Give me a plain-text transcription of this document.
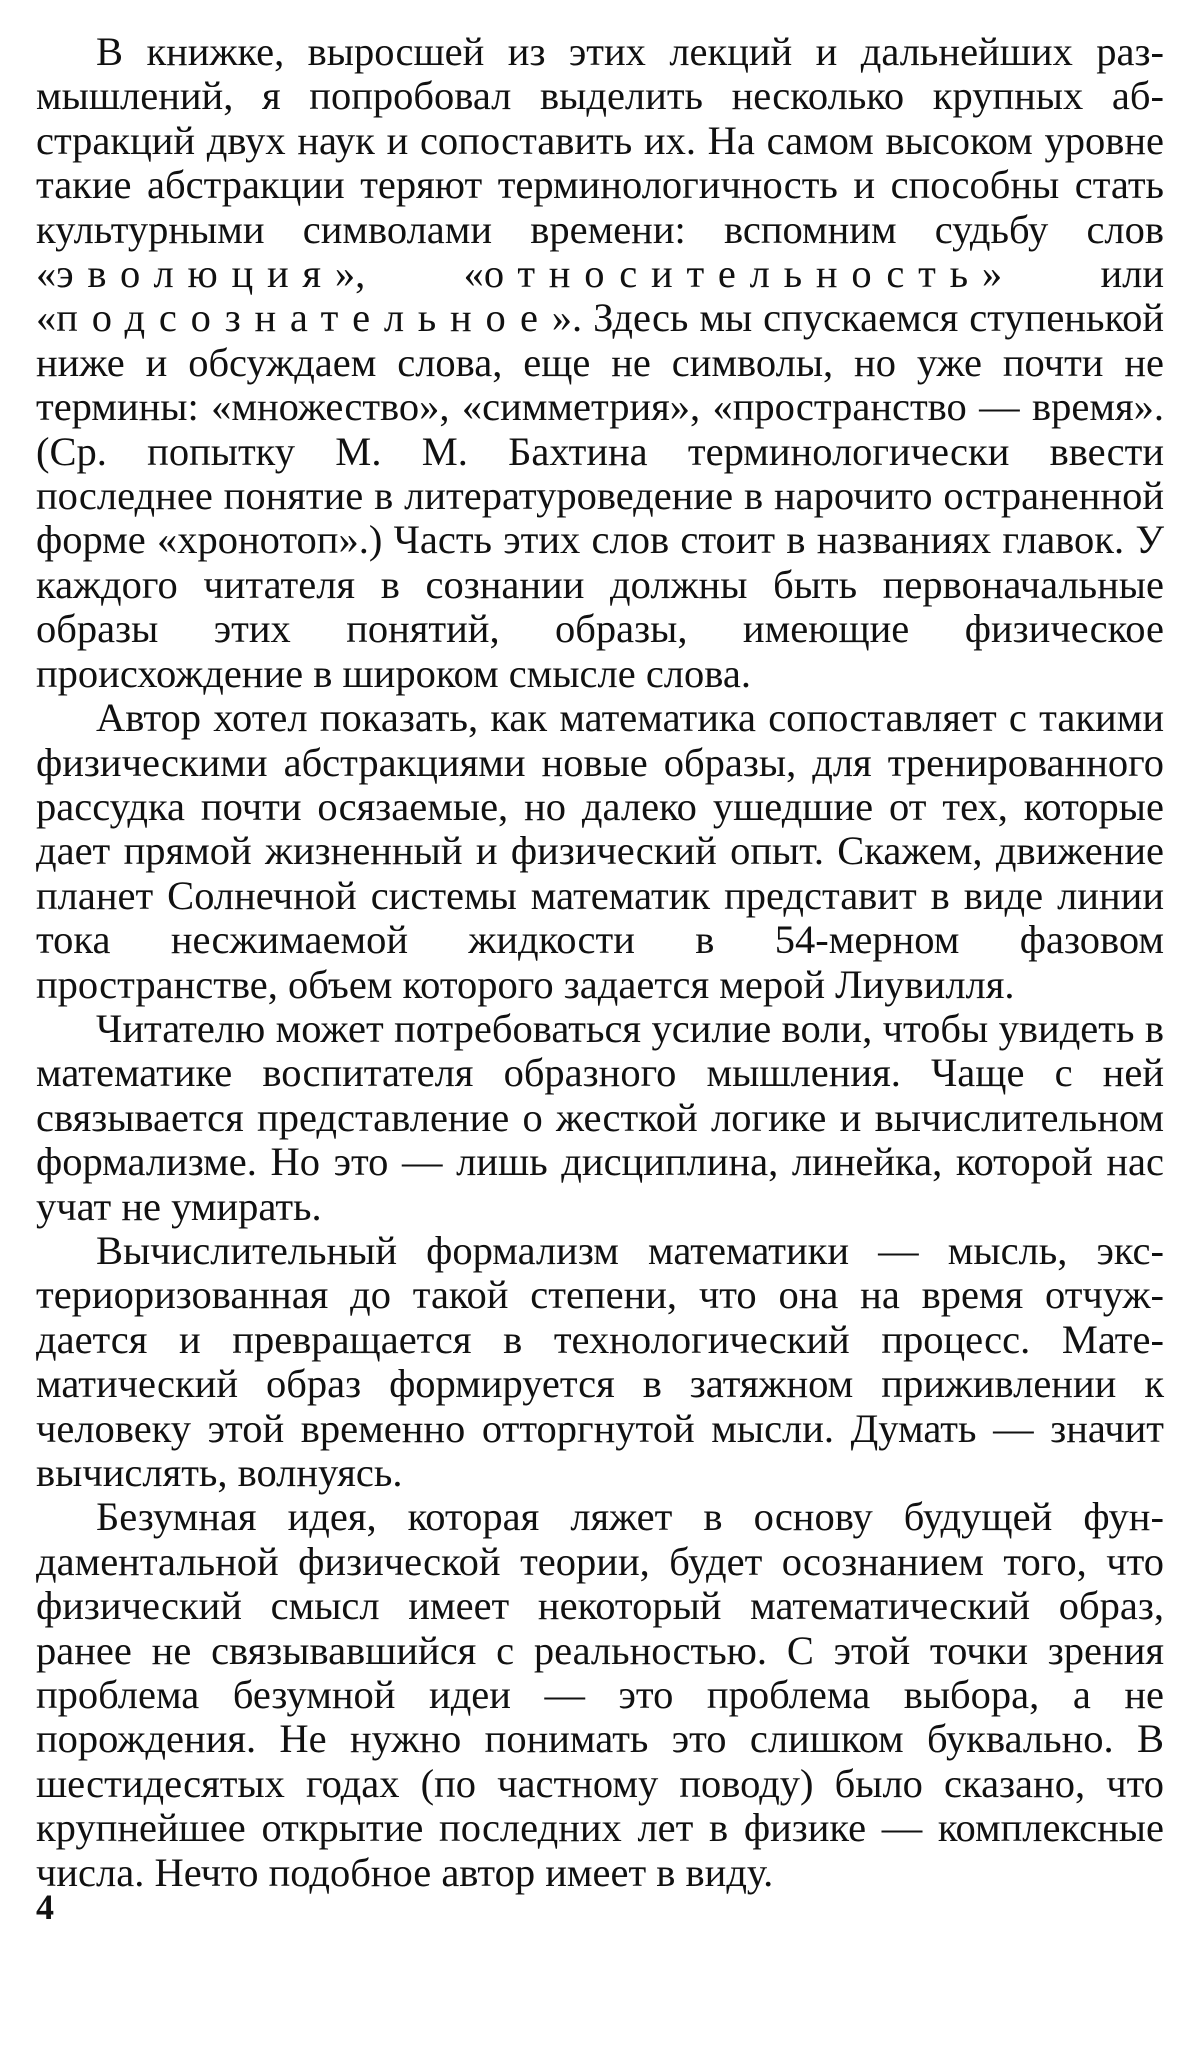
В книжке, выросшей из этих лекций и дальнейших размышлений, я попробовал выделить несколько крупных абстракций двух наук и сопоставить их. На самом высоком уровне такие абстракции теряют терминологичность и способны стать культурными символами времени: вспомним судьбу слов «эволюция», «относительность» или «подсознательное». Здесь мы спускаемся ступенькой ниже и обсуждаем слова, еще не символы, но уже почти не термины: «множество», «симметрия», «пространство — время». (Ср. попытку М. М. Бахтина терминологически ввести последнее понятие в литературоведение в нарочито остраненной форме «хронотоп».) Часть этих слов стоит в названиях главок. У каждого читателя в сознании должны быть первоначальные образы этих понятий, образы, имеющие физическое происхождение в широком смысле слова.

Автор хотел показать, как математика сопоставляет с такими физическими абстракциями новые образы, для тренированного рассудка почти осязаемые, но далеко ушедшие от тех, которые дает прямой жизненный и физический опыт. Скажем, движение планет Солнечной системы математик представит в виде линии тока несжимаемой жидкости в 54-мерном фазовом пространстве, объем которого задается мерой Лиувилля.

Читателю может потребоваться усилие воли, чтобы увидеть в математике воспитателя образного мышления. Чаще с ней связывается представление о жесткой логике и вычислительном формализме. Но это — лишь дисциплина, линейка, которой нас учат не умирать.

Вычислительный формализм математики — мысль, экстериоризованная до такой степени, что она на время отчуждается и превращается в технологический процесс. Математический образ формируется в затяжном приживлении к человеку этой временно отторгнутой мысли. Думать — значит вычислять, волнуясь.

Безумная идея, которая ляжет в основу будущей фундаментальной физической теории, будет осознанием того, что физический смысл имеет некоторый математический образ, ранее не связывавшийся с реальностью. С этой точки зрения проблема безумной идеи — это проблема выбора, а не порождения. Не нужно понимать это слишком буквально. В шестидесятых годах (по частному поводу) было сказано, что крупнейшее открытие последних лет в физике — комплексные числа. Нечто подобное автор имеет в виду.

4
